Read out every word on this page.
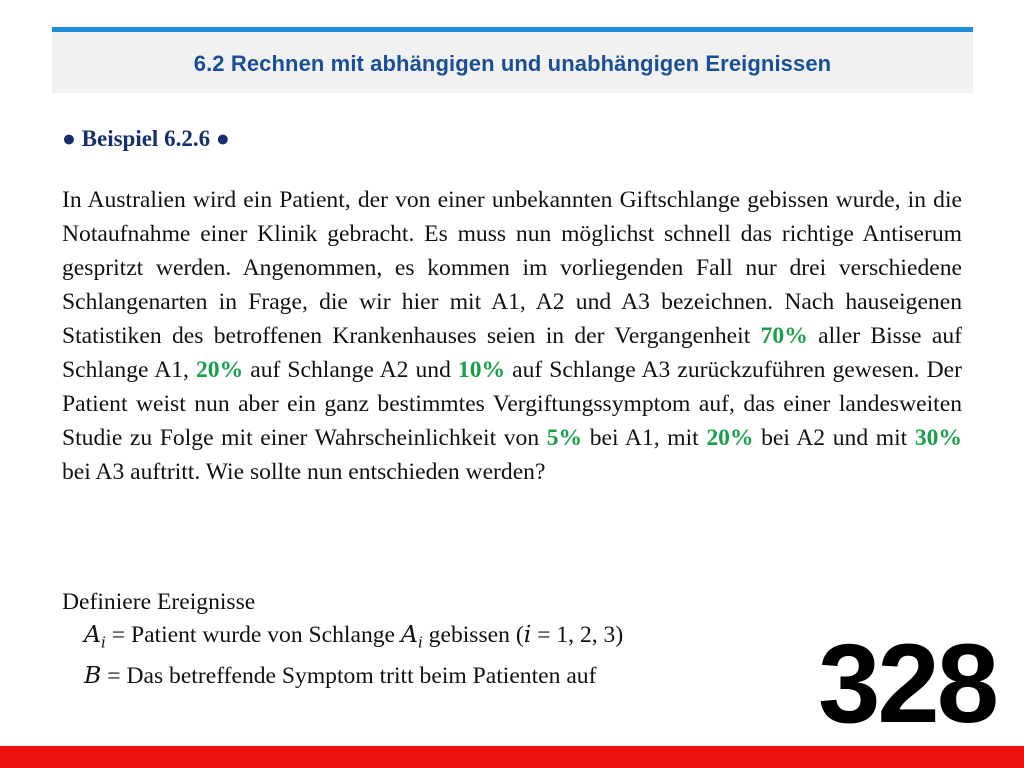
6.2 Rechnen mit abhängigen und unabhängigen Ereignissen
● Beispiel 6.2.6 ●
In Australien wird ein Patient, der von einer unbekannten Giftschlange gebissen wurde, in die Notaufnahme einer Klinik gebracht. Es muss nun möglichst schnell das richtige Antiserum gespritzt werden. Angenommen, es kommen im vorliegenden Fall nur drei verschiedene Schlangenarten in Frage, die wir hier mit A1, A2 und A3 bezeichnen. Nach hauseigenen Statistiken des betroffenen Krankenhauses seien in der Vergangenheit 70% aller Bisse auf Schlange A1, 20% auf Schlange A2 und 10% auf Schlange A3 zurückzuführen gewesen. Der Patient weist nun aber ein ganz bestimmtes Vergiftungssymptom auf, das einer landesweiten Studie zu Folge mit einer Wahrscheinlichkeit von 5% bei A1, mit 20% bei A2 und mit 30% bei A3 auftritt. Wie sollte nun entschieden werden?
Definiere Ereignisse
$A_i$ = Patient wurde von Schlange $A_i$ gebissen (i = 1, 2, 3)
B = Das betreffende Symptom tritt beim Patienten auf 328
